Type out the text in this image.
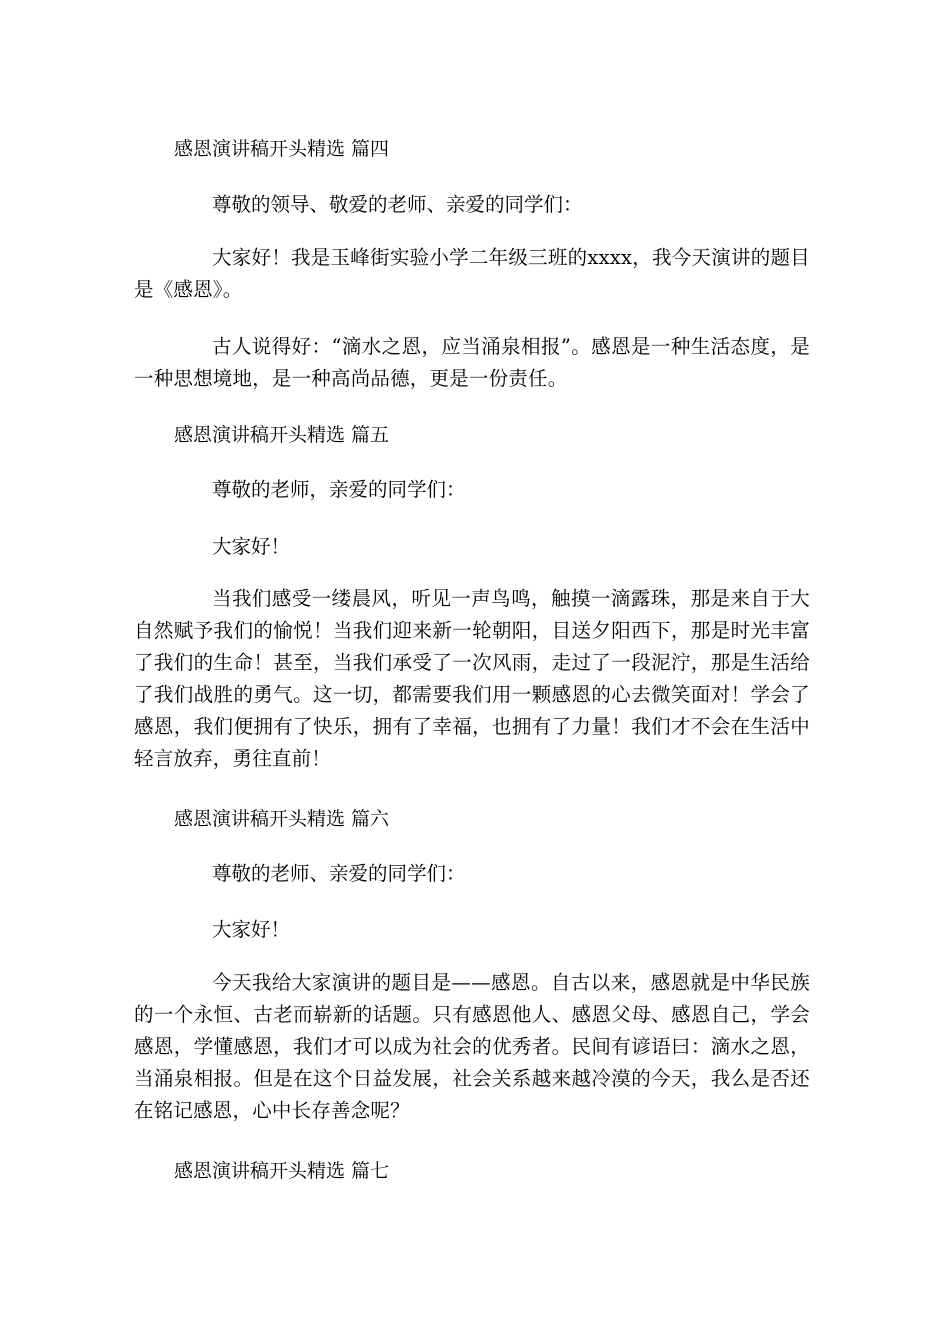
感恩演讲稿开头精选 篇四
尊敬的领导、敬爱的老师、亲爱的同学们：
大家好！我是玉峰街实验小学二年级三班的xxxx，我今天演讲的题目是《感恩》。
古人说得好：“滴水之恩，应当涌泉相报”。感恩是一种生活态度，是一种思想境地，是一种高尚品德，更是一份责任。
感恩演讲稿开头精选 篇五
尊敬的老师，亲爱的同学们：
大家好！
当我们感受一缕晨风，听见一声鸟鸣，触摸一滴露珠，那是来自于大自然赋予我们的愉悦！当我们迎来新一轮朝阳，目送夕阳西下，那是时光丰富了我们的生命！甚至，当我们承受了一次风雨，走过了一段泥泞，那是生活给了我们战胜的勇气。这一切，都需要我们用一颗感恩的心去微笑面对！学会了感恩，我们便拥有了快乐，拥有了幸福，也拥有了力量！我们才不会在生活中轻言放弃，勇往直前！
感恩演讲稿开头精选 篇六
尊敬的老师、亲爱的同学们：
大家好！
今天我给大家演讲的题目是——感恩。自古以来，感恩就是中华民族的一个永恒、古老而崭新的话题。只有感恩他人、感恩父母、感恩自己，学会感恩，学懂感恩，我们才可以成为社会的优秀者。民间有谚语曰：滴水之恩，当涌泉相报。但是在这个日益发展，社会关系越来越冷漠的今天，我么是否还在铭记感恩，心中长存善念呢？
感恩演讲稿开头精选 篇七
